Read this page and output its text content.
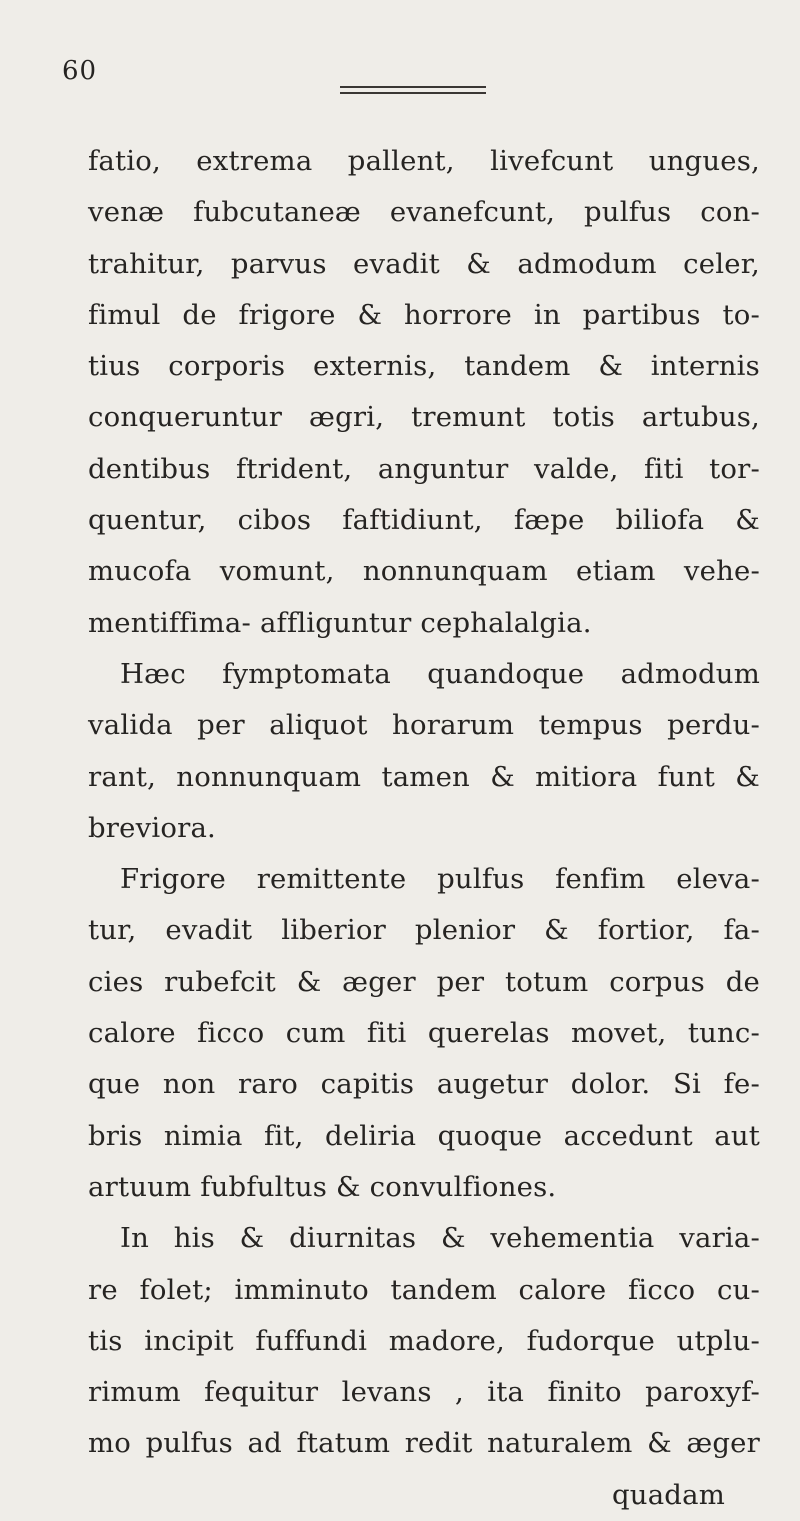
60
fatio, extrema pallent, livefcunt ungues,
venæ fubcutaneæ evanefcunt, pulfus con-
trahitur, parvus evadit & admodum celer,
fimul de frigore & horrore in partibus to-
tius corporis externis, tandem & internis
conqueruntur ægri, tremunt totis artubus,
dentibus ftrident, anguntur valde, fiti tor-
quentur, cibos faftidiunt, fæpe biliofa &
mucofa vomunt, nonnunquam etiam vehe-
mentiffima- affliguntur cephalalgia.
Hæc fymptomata quandoque admodum
valida per aliquot horarum tempus perdu-
rant, nonnunquam tamen & mitiora funt &
breviora.
Frigore remittente pulfus fenfim eleva-
tur, evadit liberior plenior & fortior, fa-
cies rubefcit & æger per totum corpus de
calore ficco cum fiti querelas movet, tunc-
que non raro capitis augetur dolor. Si fe-
bris nimia fit, deliria quoque accedunt aut
artuum fubfultus & convulfiones.
In his & diurnitas & vehementia varia-
re folet; imminuto tandem calore ficco cu-
tis incipit fuffundi madore, fudorque utplu-
rimum fequitur levans , ita finito paroxyf-
mo pulfus ad ftatum redit naturalem & æger
quadam
